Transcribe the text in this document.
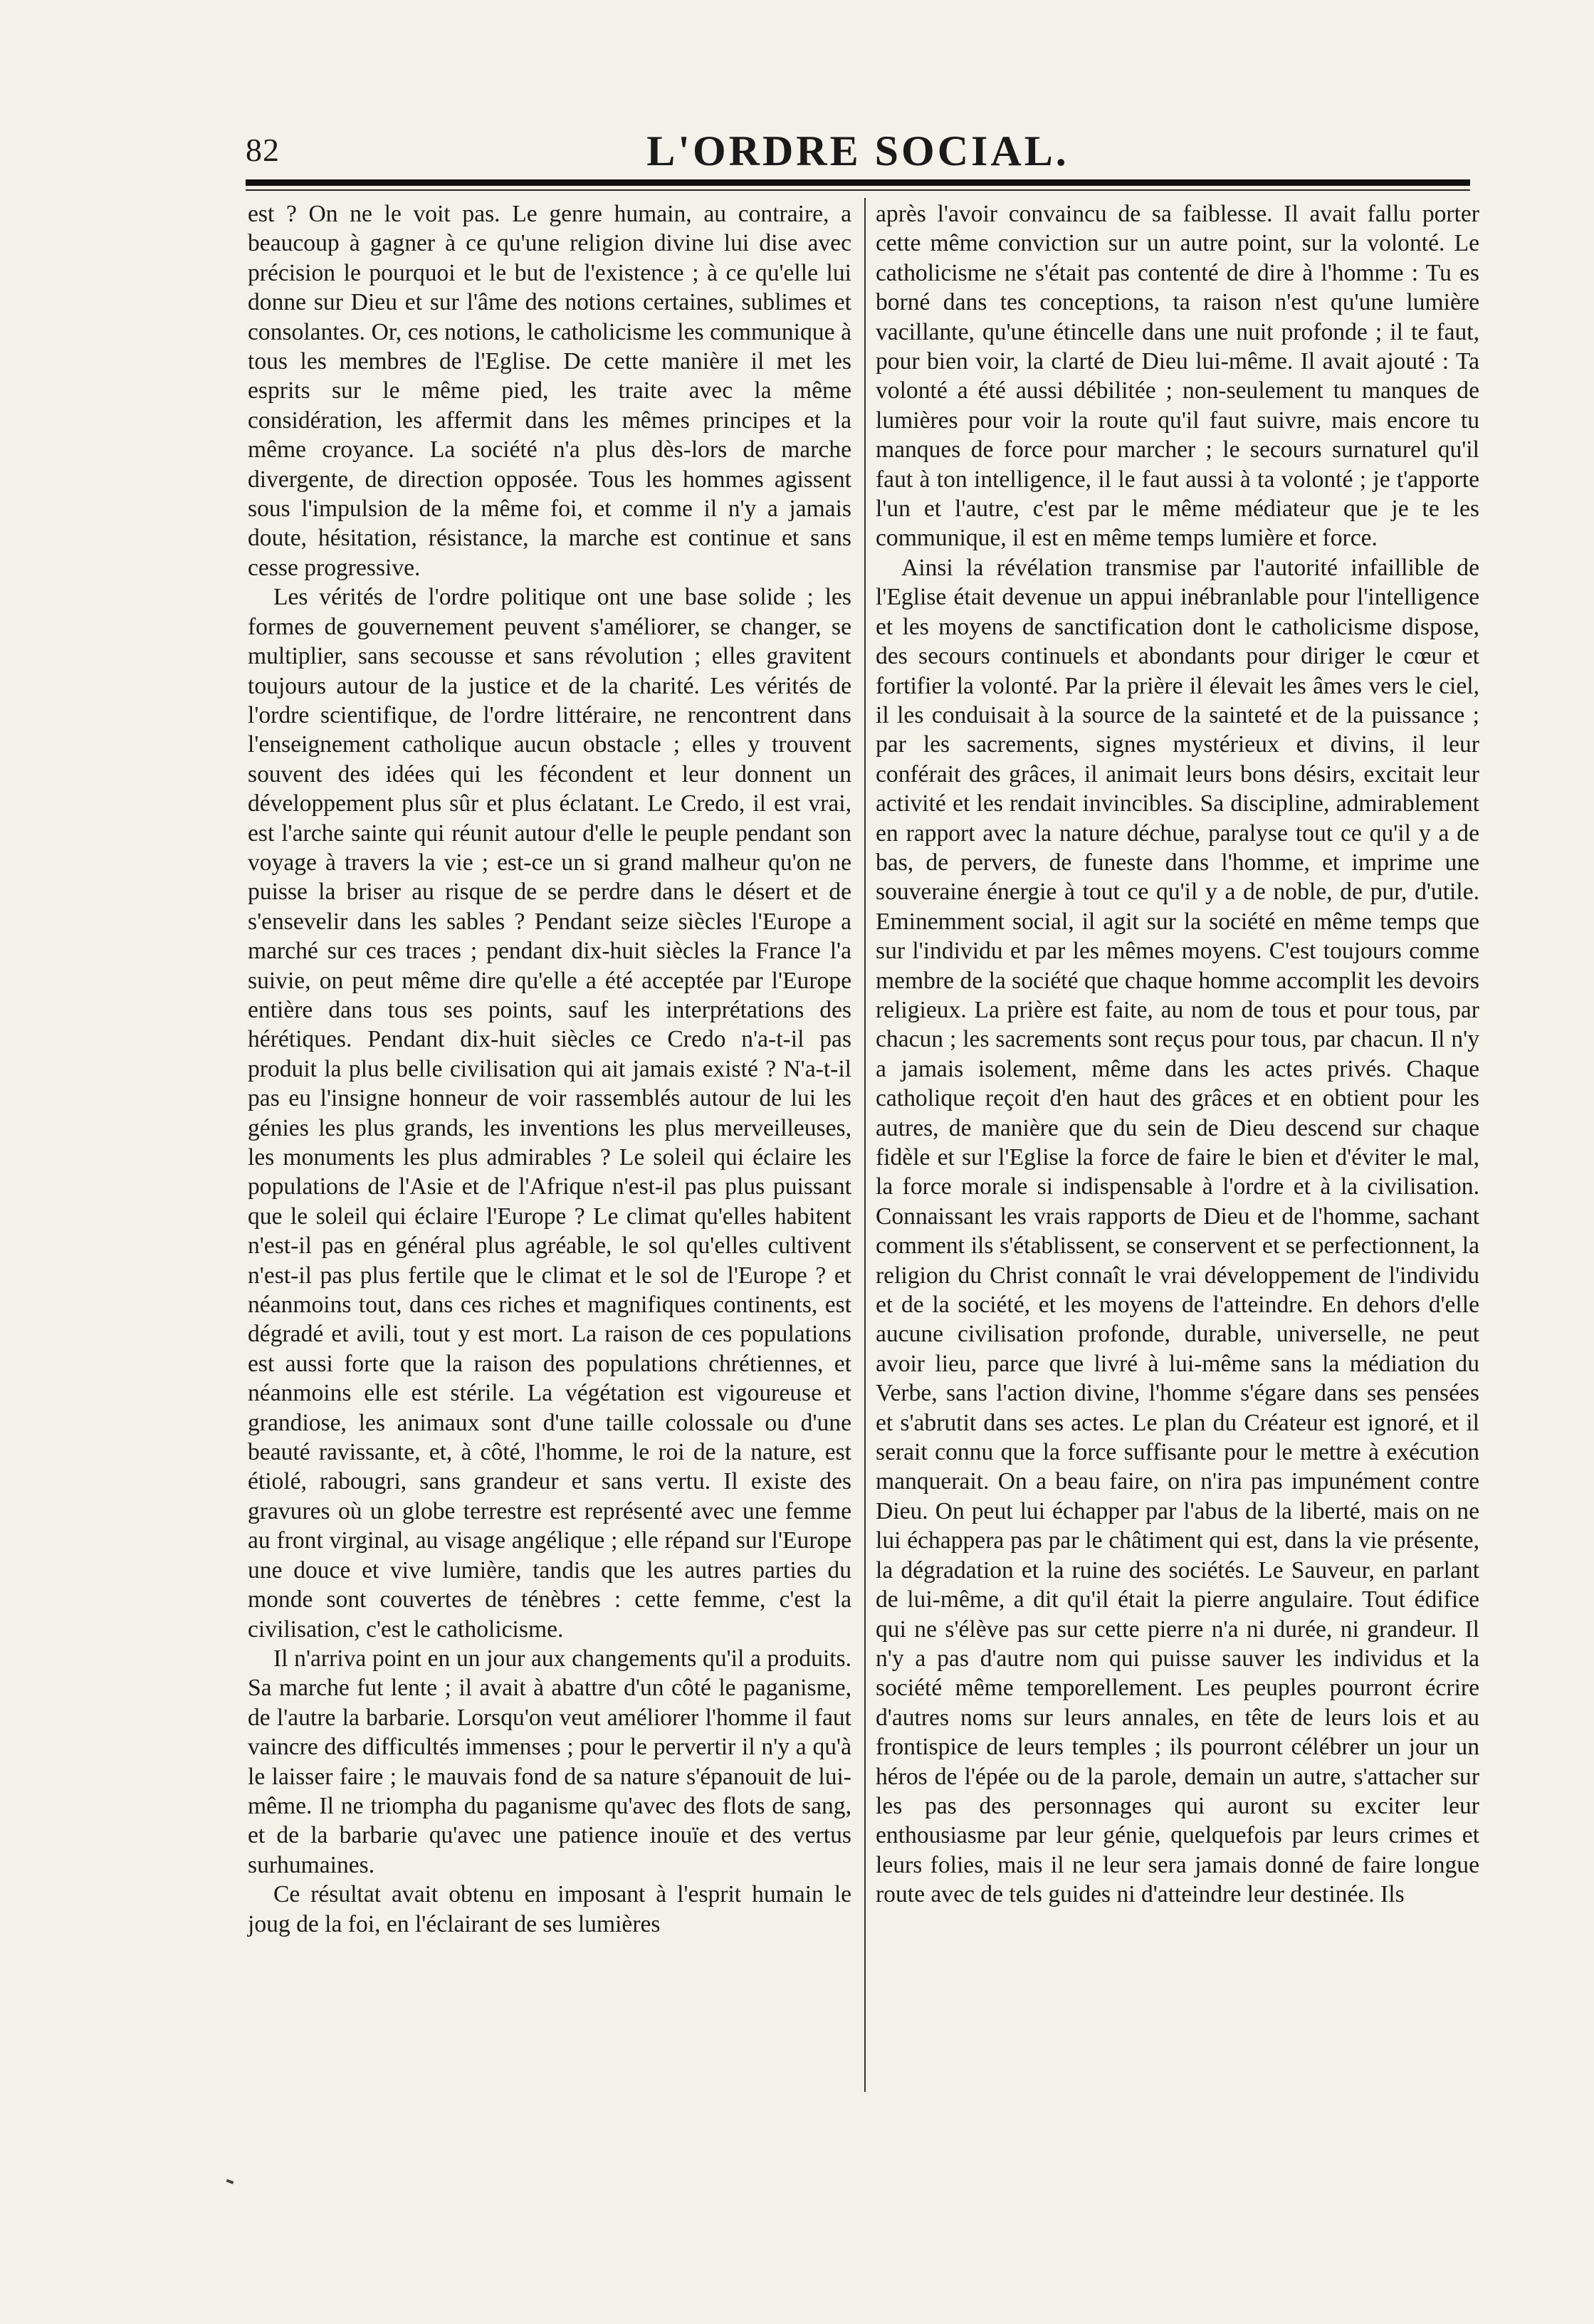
82	L'ORDRE SOCIAL.

est ? On ne le voit pas. Le genre humain, au contraire, a beaucoup à gagner à ce qu'une religion divine lui dise avec précision le pourquoi et le but de l'existence ; à ce qu'elle lui donne sur Dieu et sur l'âme des notions certaines, sublimes et consolantes. Or, ces notions, le catholicisme les communique à tous les membres de l'Eglise. De cette manière il met les esprits sur le même pied, les traite avec la même considération, les affermit dans les mêmes principes et la même croyance. La société n'a plus dès-lors de marche divergente, de direction opposée. Tous les hommes agissent sous l'impulsion de la même foi, et comme il n'y a jamais doute, hésitation, résistance, la marche est continue et sans cesse progressive.

Les vérités de l'ordre politique ont une base solide ; les formes de gouvernement peuvent s'améliorer, se changer, se multiplier, sans secousse et sans révolution ; elles gravitent toujours autour de la justice et de la charité. Les vérités de l'ordre scientifique, de l'ordre littéraire, ne rencontrent dans l'enseignement catholique aucun obstacle ; elles y trouvent souvent des idées qui les fécondent et leur donnent un développement plus sûr et plus éclatant. Le Credo, il est vrai, est l'arche sainte qui réunit autour d'elle le peuple pendant son voyage à travers la vie ; est-ce un si grand malheur qu'on ne puisse la briser au risque de se perdre dans le désert et de s'ensevelir dans les sables ? Pendant seize siècles l'Europe a marché sur ces traces ; pendant dix-huit siècles la France l'a suivie, on peut même dire qu'elle a été acceptée par l'Europe entière dans tous ses points, sauf les interprétations des hérétiques. Pendant dix-huit siècles ce Credo n'a-t-il pas produit la plus belle civilisation qui ait jamais existé ? N'a-t-il pas eu l'insigne honneur de voir rassemblés autour de lui les génies les plus grands, les inventions les plus merveilleuses, les monuments les plus admirables ? Le soleil qui éclaire les populations de l'Asie et de l'Afrique n'est-il pas plus puissant que le soleil qui éclaire l'Europe ? Le climat qu'elles habitent n'est-il pas en général plus agréable, le sol qu'elles cultivent n'est-il pas plus fertile que le climat et le sol de l'Europe ? et néanmoins tout, dans ces riches et magnifiques continents, est dégradé et avili, tout y est mort. La raison de ces populations est aussi forte que la raison des populations chrétiennes, et néanmoins elle est stérile. La végétation est vigoureuse et grandiose, les animaux sont d'une taille colossale ou d'une beauté ravissante, et, à côté, l'homme, le roi de la nature, est étiolé, rabougri, sans grandeur et sans vertu. Il existe des gravures où un globe terrestre est représenté avec une femme au front virginal, au visage angélique ; elle répand sur l'Europe une douce et vive lumière, tandis que les autres parties du monde sont couvertes de ténèbres : cette femme, c'est la civilisation, c'est le catholicisme.

Il n'arriva point en un jour aux changements qu'il a produits. Sa marche fut lente ; il avait à abattre d'un côté le paganisme, de l'autre la barbarie. Lorsqu'on veut améliorer l'homme il faut vaincre des difficultés immenses ; pour le pervertir il n'y a qu'à le laisser faire ; le mauvais fond de sa nature s'épanouit de lui-même. Il ne triompha du paganisme qu'avec des flots de sang, et de la barbarie qu'avec une patience inouïe et des vertus surhumaines.

Ce résultat avait obtenu en imposant à l'esprit humain le joug de la foi, en l'éclairant de ses lumières

après l'avoir convaincu de sa faiblesse. Il avait fallu porter cette même conviction sur un autre point, sur la volonté. Le catholicisme ne s'était pas contenté de dire à l'homme : Tu es borné dans tes conceptions, ta raison n'est qu'une lumière vacillante, qu'une étincelle dans une nuit profonde ; il te faut, pour bien voir, la clarté de Dieu lui-même. Il avait ajouté : Ta volonté a été aussi débilitée ; non-seulement tu manques de lumières pour voir la route qu'il faut suivre, mais encore tu manques de force pour marcher ; le secours surnaturel qu'il faut à ton intelligence, il le faut aussi à ta volonté ; je t'apporte l'un et l'autre, c'est par le même médiateur que je te les communique, il est en même temps lumière et force.

Ainsi la révélation transmise par l'autorité infaillible de l'Eglise était devenue un appui inébranlable pour l'intelligence et les moyens de sanctification dont le catholicisme dispose, des secours continuels et abondants pour diriger le cœur et fortifier la volonté. Par la prière il élevait les âmes vers le ciel, il les conduisait à la source de la sainteté et de la puissance ; par les sacrements, signes mystérieux et divins, il leur conférait des grâces, il animait leurs bons désirs, excitait leur activité et les rendait invincibles. Sa discipline, admirablement en rapport avec la nature déchue, paralyse tout ce qu'il y a de bas, de pervers, de funeste dans l'homme, et imprime une souveraine énergie à tout ce qu'il y a de noble, de pur, d'utile. Eminemment social, il agit sur la société en même temps que sur l'individu et par les mêmes moyens. C'est toujours comme membre de la société que chaque homme accomplit les devoirs religieux. La prière est faite, au nom de tous et pour tous, par chacun ; les sacrements sont reçus pour tous, par chacun. Il n'y a jamais isolement, même dans les actes privés. Chaque catholique reçoit d'en haut des grâces et en obtient pour les autres, de manière que du sein de Dieu descend sur chaque fidèle et sur l'Eglise la force de faire le bien et d'éviter le mal, la force morale si indispensable à l'ordre et à la civilisation. Connaissant les vrais rapports de Dieu et de l'homme, sachant comment ils s'établissent, se conservent et se perfectionnent, la religion du Christ connaît le vrai développement de l'individu et de la société, et les moyens de l'atteindre. En dehors d'elle aucune civilisation profonde, durable, universelle, ne peut avoir lieu, parce que livré à lui-même sans la médiation du Verbe, sans l'action divine, l'homme s'égare dans ses pensées et s'abrutit dans ses actes. Le plan du Créateur est ignoré, et il serait connu que la force suffisante pour le mettre à exécution manquerait. On a beau faire, on n'ira pas impunément contre Dieu. On peut lui échapper par l'abus de la liberté, mais on ne lui échappera pas par le châtiment qui est, dans la vie présente, la dégradation et la ruine des sociétés. Le Sauveur, en parlant de lui-même, a dit qu'il était la pierre angulaire. Tout édifice qui ne s'élève pas sur cette pierre n'a ni durée, ni grandeur. Il n'y a pas d'autre nom qui puisse sauver les individus et la société même temporellement. Les peuples pourront écrire d'autres noms sur leurs annales, en tête de leurs lois et au frontispice de leurs temples ; ils pourront célébrer un jour un héros de l'épée ou de la parole, demain un autre, s'attacher sur les pas des personnages qui auront su exciter leur enthousiasme par leur génie, quelquefois par leurs crimes et leurs folies, mais il ne leur sera jamais donné de faire longue route avec de tels guides ni d'atteindre leur destinée. Ils
